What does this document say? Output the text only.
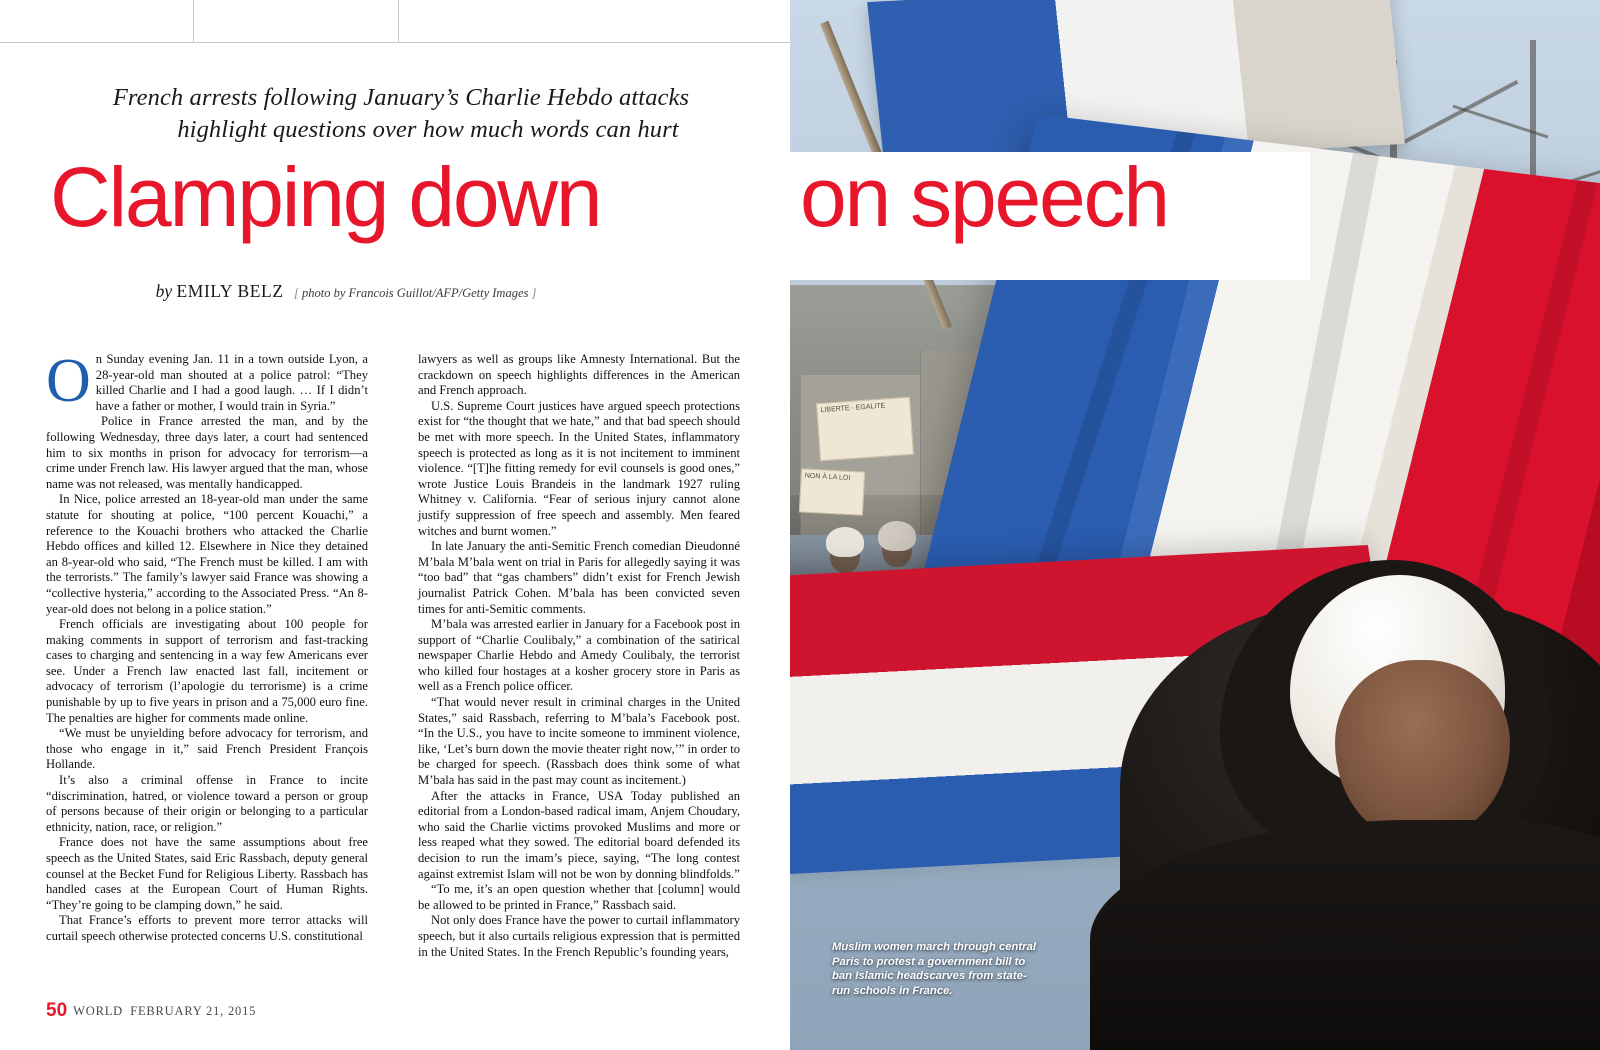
French arrests following January’s Charlie Hebdo attacks
highlight questions over how much words can hurt
Clamping down
by EMILY BELZ [ photo by Francois Guillot/AFP/Getty Images ]

On Sunday evening Jan. 11 in a town outside Lyon, a 28-year-old man shouted at a police patrol: “They killed Charlie and I had a good laugh. … If I didn’t have a father or mother, I would train in Syria.”

Police in France arrested the man, and by the following Wednesday, three days later, a court had sentenced him to six months in prison for advocacy for terrorism—a crime under French law. His lawyer argued that the man, whose name was not released, was mentally handicapped.

In Nice, police arrested an 18-year-old man under the same statute for shouting at police, “100 percent Kouachi,” a reference to the Kouachi brothers who attacked the Charlie Hebdo offices and killed 12. Elsewhere in Nice they detained an 8-year-old who said, “The French must be killed. I am with the terrorists.” The family’s lawyer said France was showing a “collective hysteria,” according to the Associated Press. “An 8-year-old does not belong in a police station.”

French officials are investigating about 100 people for making comments in support of terrorism and fast-tracking cases to charging and sentencing in a way few Americans ever see. Under a French law enacted last fall, incitement or advocacy of terrorism (l’apologie du terrorisme) is a crime punishable by up to five years in prison and a 75,000 euro fine. The penalties are higher for comments made online.

“We must be unyielding before advocacy for terrorism, and those who engage in it,” said French President François Hollande.

It’s also a criminal offense in France to incite “discrimination, hatred, or violence toward a person or group of persons because of their origin or belonging to a particular ethnicity, nation, race, or religion.”

France does not have the same assumptions about free speech as the United States, said Eric Rassbach, deputy general counsel at the Becket Fund for Religious Liberty. Rassbach has handled cases at the European Court of Human Rights. “They’re going to be clamping down,” he said.

That France’s efforts to prevent more terror attacks will curtail speech otherwise protected concerns U.S. constitutional

lawyers as well as groups like Amnesty International. But the crackdown on speech highlights differences in the American and French approach.

U.S. Supreme Court justices have argued speech protections exist for “the thought that we hate,” and that bad speech should be met with more speech. In the United States, inflammatory speech is protected as long as it is not incitement to imminent violence. “[T]he fitting remedy for evil counsels is good ones,” wrote Justice Louis Brandeis in the landmark 1927 ruling Whitney v. California. “Fear of serious injury cannot alone justify suppression of free speech and assembly. Men feared witches and burnt women.”

In late January the anti-Semitic French comedian Dieudonné M’bala M’bala went on trial in Paris for allegedly saying it was “too bad” that “gas chambers” didn’t exist for French Jewish journalist Patrick Cohen. M’bala has been convicted seven times for anti-Semitic comments.

M’bala was arrested earlier in January for a Facebook post in support of “Charlie Coulibaly,” a combination of the satirical newspaper Charlie Hebdo and Amedy Coulibaly, the terrorist who killed four hostages at a kosher grocery store in Paris as well as a French police officer.

“That would never result in criminal charges in the United States,” said Rassbach, referring to M’bala’s Facebook post. “In the U.S., you have to incite someone to imminent violence, like, ‘Let’s burn down the movie theater right now,’” in order to be charged for speech. (Rassbach does think some of what M’bala has said in the past may count as incitement.)

After the attacks in France, USA Today published an editorial from a London-based radical imam, Anjem Choudary, who said the Charlie victims provoked Muslims and more or less reaped what they sowed. The editorial board defended its decision to run the imam’s piece, saying, “The long contest against extremist Islam will not be won by donning blindfolds.”

“To me, it’s an open question whether that [column] would be allowed to be printed in France,” Rassbach said.

Not only does France have the power to curtail inflammatory speech, but it also curtails religious expression that is permitted in the United States. In the French Republic’s founding years,

50 WORLD FEBRUARY 21, 2015
LIBERTE · EGALITE
NON À LA LOI
Muslim women march through central Paris to protest a government bill to ban Islamic headscarves from state-run schools in France.
on speech
